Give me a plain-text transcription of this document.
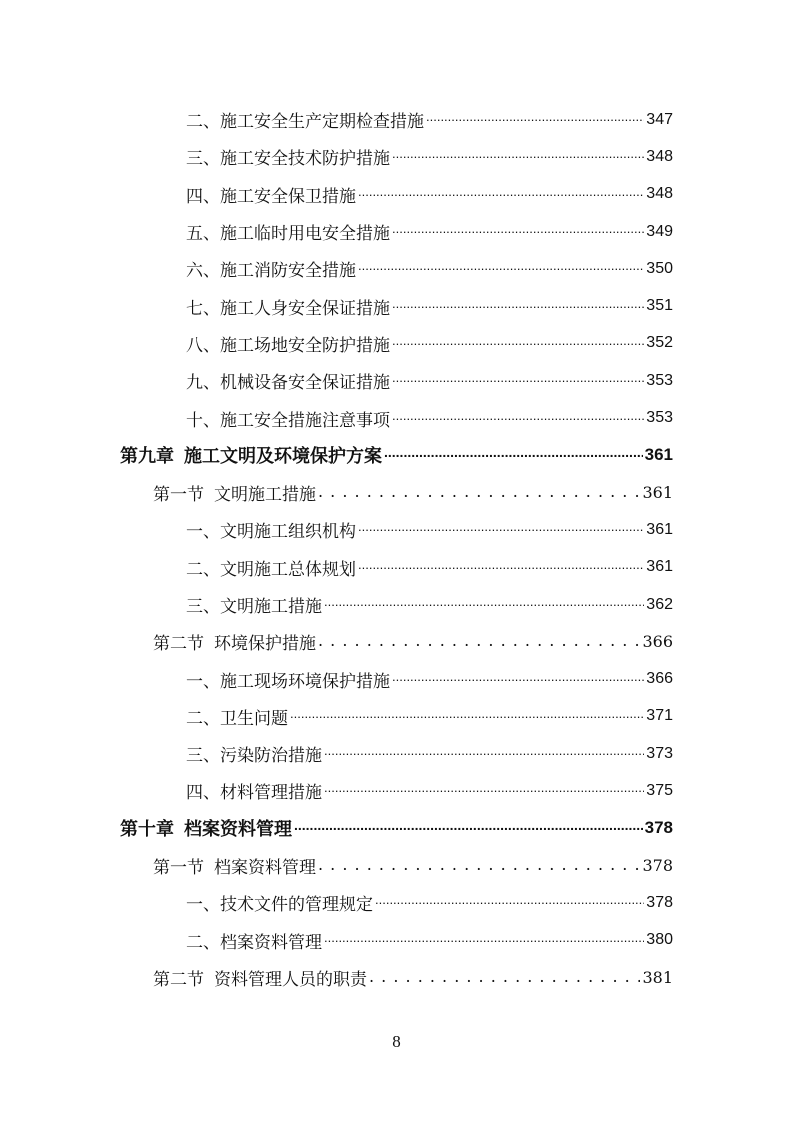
二、 施工安全生产定期检查措施 .....	347
三、 施工安全技术防护措施 .....	348
四、 施工安全保卫措施 .....	348
五、 施工临时用电安全措施 .....	349
六、 施工消防安全措施 .....	350
七、 施工人身安全保证措施 .....	351
八、 施工场地安全防护措施 .....	352
九、 机械设备安全保证措施 .....	353
十、 施工安全措施注意事项 .....	353
第九章 施工文明及环境保护方案 .....	361
第一节 文明施工措施 . . .	361
一、 文明施工组织机构 .....	361
二、 文明施工总体规划 .....	361
三、 文明施工措施 .....	362
第二节 环境保护措施 . . .	366
一、 施工现场环境保护措施 .....	366
二、 卫生问题 .....	371
三、 污染防治措施 .....	373
四、 材料管理措施 .....	375
第十章 档案资料管理 .....	378
第一节 档案资料管理 . . .	378
一、 技术文件的管理规定 .....	378
二、 档案资料管理 .....	380
第二节 资料管理人员的职责 . . .	381
8
